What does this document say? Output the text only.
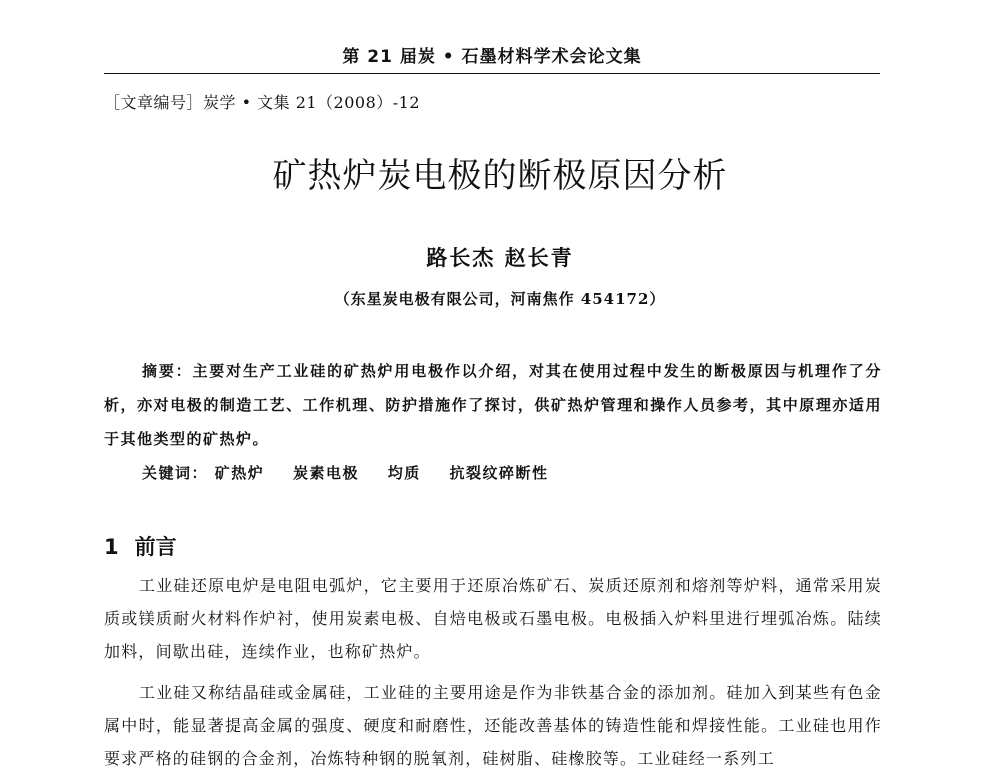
第 21 届炭 • 石墨材料学术会论文集
［文章编号］炭学 • 文集 21（2008）-12
矿热炉炭电极的断极原因分析
路长杰 赵长青
（东星炭电极有限公司，河南焦作 454172）
摘要：主要对生产工业硅的矿热炉用电极作以介绍，对其在使用过程中发生的断极原因与机理作了分析，亦对电极的制造工艺、工作机理、防护措施作了探讨，供矿热炉管理和操作人员参考，其中原理亦适用于其他类型的矿热炉。
关键词： 矿热炉 炭素电极 均质 抗裂纹碎断性
1 前言

工业硅还原电炉是电阻电弧炉，它主要用于还原冶炼矿石、炭质还原剂和熔剂等炉料，通常采用炭质或镁质耐火材料作炉衬，使用炭素电极、自焙电极或石墨电极。电极插入炉料里进行埋弧冶炼。陆续加料，间歇出硅，连续作业，也称矿热炉。

工业硅又称结晶硅或金属硅，工业硅的主要用途是作为非铁基合金的添加剂。硅加入到某些有色金属中时，能显著提高金属的强度、硬度和耐磨性，还能改善基体的铸造性能和焊接性能。工业硅也用作要求严格的硅钢的合金剂，冶炼特种钢的脱氧剂，硅树脂、硅橡胶等。工业硅经一系列工
